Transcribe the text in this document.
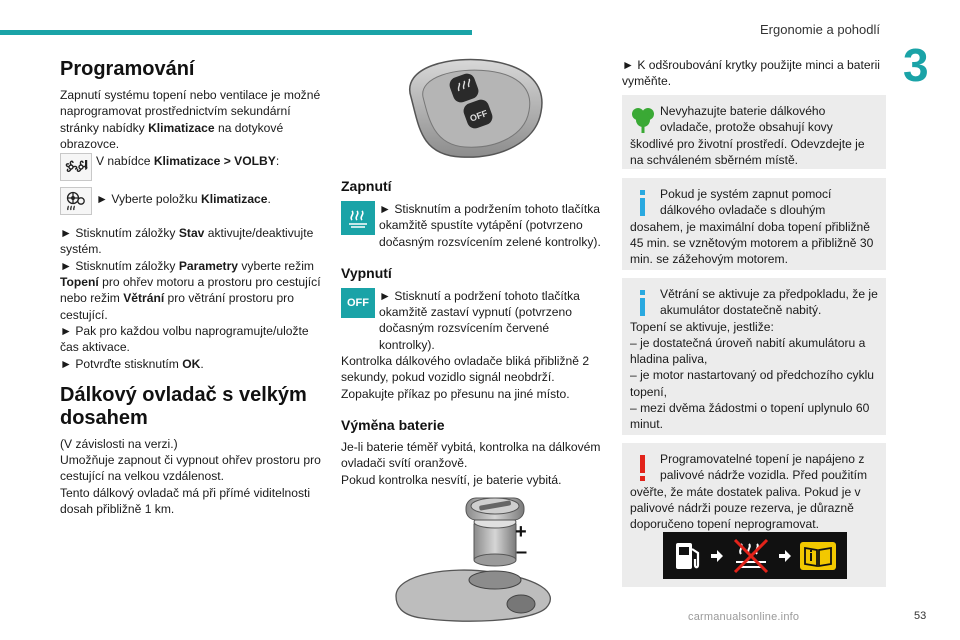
Ergonomie a pohodlí
3
53
carmanualsonline.info
Programování

Zapnutí systému topení nebo ventilace je možné naprogramovat prostřednictvím sekundární stránky nabídky Klimatizace na dotykové obrazovce.

V nabídce Klimatizace > VOLBY:

► Vyberte položku Klimatizace.

► Stisknutím záložky Stav aktivujte/deaktivujte systém.

► Stisknutím záložky Parametry vyberte režim Topení pro ohřev motoru a prostoru pro cestující nebo režim Větrání pro větrání prostoru pro cestující.

► Pak pro každou volbu naprogramujte/uložte čas aktivace.

► Potvrďte stisknutím OK.

Dálkový ovladač s velkým dosahem

(V závislosti na verzi.)

Umožňuje zapnout či vypnout ohřev prostoru pro cestující na velkou vzdálenost.

Tento dálkový ovladač má při přímé viditelnosti dosah přibližně 1 km.

OFF
Zapnutí

► Stisknutím a podržením tohoto tlačítka okamžitě spustíte vytápění (potvrzeno dočasným rozsvícením zelené kontrolky).

Vypnutí
OFF ► Stisknutí a podržení tohoto tlačítka okamžitě zastaví vypnutí (potvrzeno dočasným rozsvícením červené kontrolky).

Kontrolka dálkového ovladače bliká přibližně 2 sekundy, pokud vozidlo signál neobdrží.

Zopakujte příkaz po přesunu na jiné místo.

Výměna baterie

Je-li baterie téměř vybitá, kontrolka na dálkovém ovladači svítí oranžově.

Pokud kontrolka nesvítí, je baterie vybitá.

+
–

► K odšroubování krytky použijte minci a baterii vyměňte.

Nevyhazujte baterie dálkového ovladače, protože obsahují kovy škodlivé pro životní prostředí. Odevzdejte je na schváleném sběrném místě.

Pokud je systém zapnut pomocí dálkového ovladače s dlouhým dosahem, je maximální doba topení přibližně 45 min. se vznětovým motorem a přibližně 30 min. se zážehovým motorem.

Větrání se aktivuje za předpokladu, že je akumulátor dostatečně nabitý.

Topení se aktivuje, jestliže:

– je dostatečná úroveň nabití akumulátoru a hladina paliva,

– je motor nastartovaný od předchozího cyklu topení,

– mezi dvěma žádostmi o topení uplynulo 60 minut.

Programovatelné topení je napájeno z palivové nádrže vozidla. Před použitím ověřte, že máte dostatek paliva. Pokud je v palivové nádrži pouze rezerva, je důrazně doporučeno topení neprogramovat.
